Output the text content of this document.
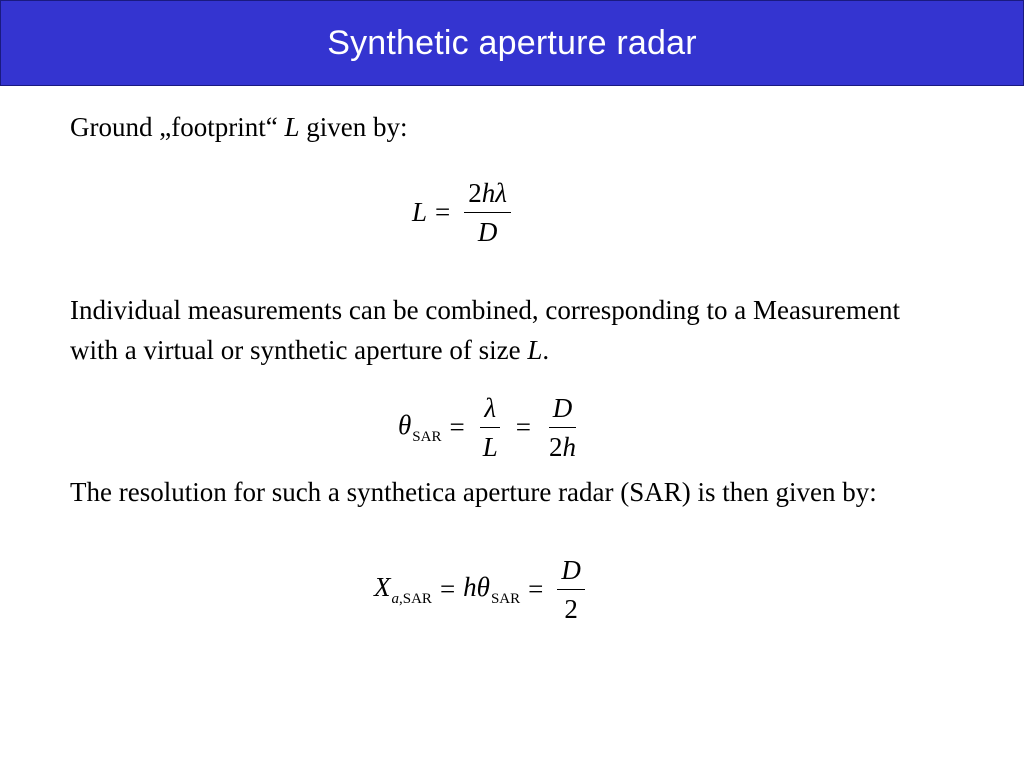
Synthetic aperture radar

Ground „footprint“ L given by:

$L = \frac{2h\lambda}{D}$

Individual measurements can be combined, corresponding to a Measurement with a virtual or synthetic aperture of size L.

$\theta_{SAR} = \frac{\lambda}{L} = \frac{D}{2h}$

The resolution for such a synthetica aperture radar (SAR) is then given by:

$X_{a,SAR} = h\theta_{SAR} = \frac{D}{2}$
